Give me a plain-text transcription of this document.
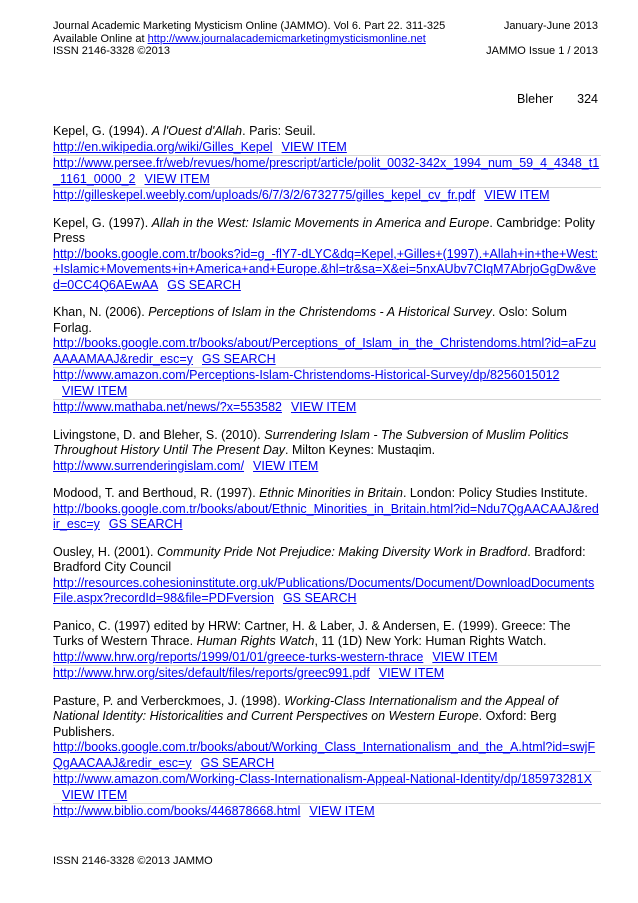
Journal Academic Marketing Mysticism Online (JAMMO). Vol 6. Part 22. 311-325	January-June 2013
Available Online at http://www.journalacademicmarketingmysticismonline.net
ISSN 2146-3328 ©2013	JAMMO Issue 1 / 2013
Bleher 324

Kepel, G. (1994). A l'Ouest d'Allah. Paris: Seuil.

http://en.wikipedia.org/wiki/Gilles_Kepel VIEW ITEM
http://www.persee.fr/web/revues/home/prescript/article/polit_0032-342x_1994_num_59_4_4348_t1_1161_0000_2 VIEW ITEM
http://gilleskepel.weebly.com/uploads/6/7/3/2/6732775/gilles_kepel_cv_fr.pdf VIEW ITEM

Kepel, G. (1997). Allah in the West: Islamic Movements in America and Europe. Cambridge: Polity Press

http://books.google.com.tr/books?id=g_-flY7-dLYC&dq=Kepel,+Gilles+(1997).+Allah+in+the+West:+Islamic+Movements+in+America+and+Europe.&hl=tr&sa=X&ei=5nxAUbv7CIqM7AbrjoGgDw&ved=0CC4Q6AEwAA GS SEARCH

Khan, N. (2006). Perceptions of Islam in the Christendoms - A Historical Survey. Oslo: Solum Forlag.

http://books.google.com.tr/books/about/Perceptions_of_Islam_in_the_Christendoms.html?id=aFzuAAAAMAAJ&redir_esc=y GS SEARCH
http://www.amazon.com/Perceptions-Islam-Christendoms-Historical-Survey/dp/8256015012VIEW ITEM
http://www.mathaba.net/news/?x=553582 VIEW ITEM

Livingstone, D. and Bleher, S. (2010). Surrendering Islam - The Subversion of Muslim Politics Throughout History Until The Present Day. Milton Keynes: Mustaqim.

http://www.surrenderingislam.com/ VIEW ITEM

Modood, T. and Berthoud, R. (1997). Ethnic Minorities in Britain. London: Policy Studies Institute.

http://books.google.com.tr/books/about/Ethnic_Minorities_in_Britain.html?id=Ndu7QgAACAAJ&redir_esc=y GS SEARCH

Ousley, H. (2001). Community Pride Not Prejudice: Making Diversity Work in Bradford. Bradford: Bradford City Council

http://resources.cohesioninstitute.org.uk/Publications/Documents/Document/DownloadDocumentsFile.aspx?recordId=98&file=PDFversion GS SEARCH

Panico, C. (1997) edited by HRW: Cartner, H. & Laber, J. & Andersen, E. (1999). Greece: The Turks of Western Thrace. Human Rights Watch, 11 (1D) New York: Human Rights Watch.

http://www.hrw.org/reports/1999/01/01/greece-turks-western-thrace VIEW ITEM
http://www.hrw.org/sites/default/files/reports/greec991.pdf VIEW ITEM

Pasture, P. and Verberckmoes, J. (1998). Working-Class Internationalism and the Appeal of National Identity: Historicalities and Current Perspectives on Western Europe. Oxford: Berg Publishers.

http://books.google.com.tr/books/about/Working_Class_Internationalism_and_the_A.html?id=swjFQgAACAAJ&redir_esc=y GS SEARCH
http://www.amazon.com/Working-Class-Internationalism-Appeal-National-Identity/dp/185973281XVIEW ITEM
http://www.biblio.com/books/446878668.html VIEW ITEM
ISSN 2146-3328 ©2013 JAMMO
